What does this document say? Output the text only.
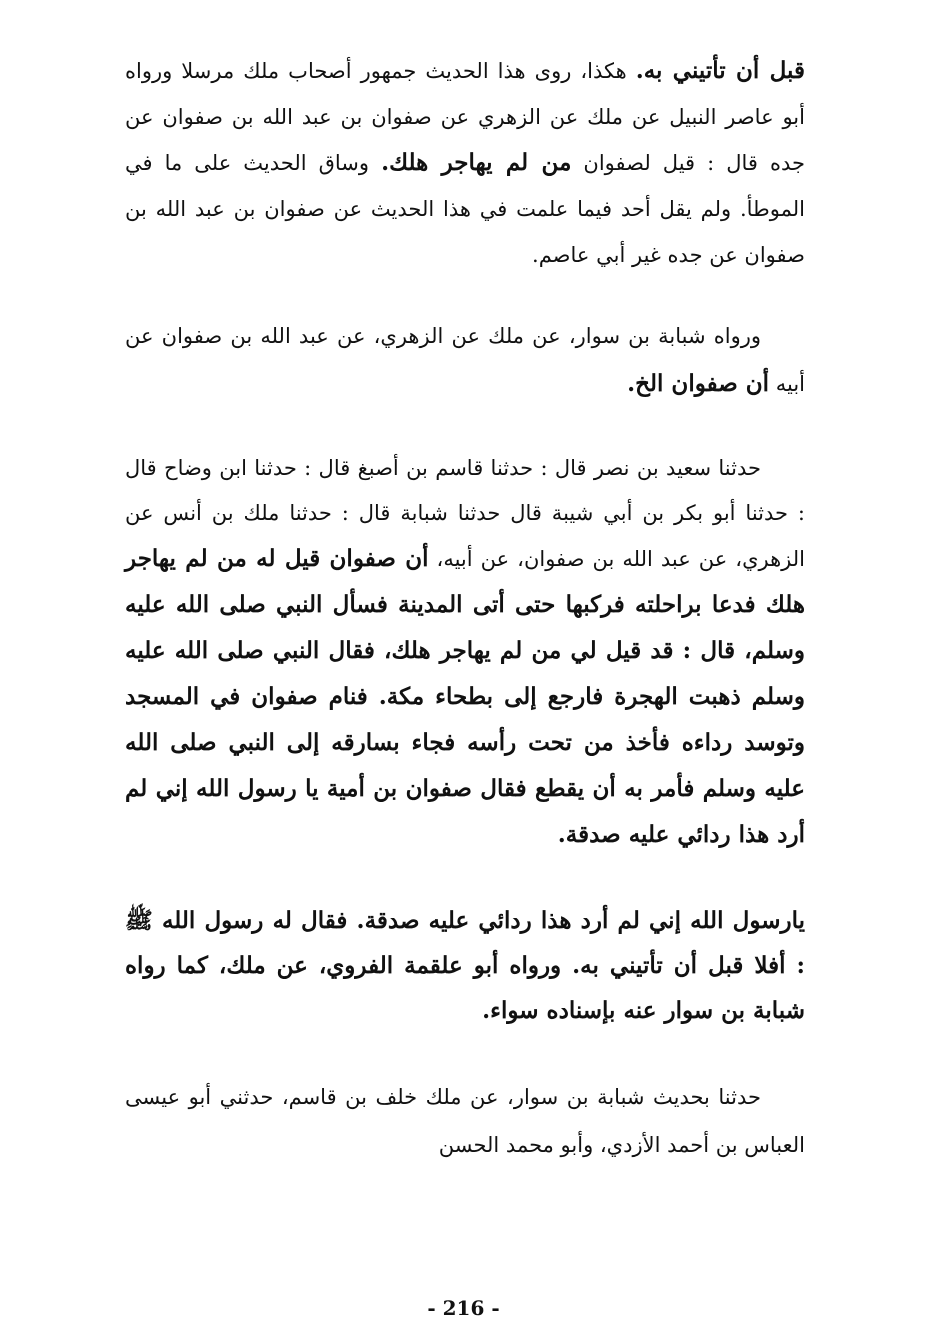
قبل أن تأتيني به. هكذا، روى هذا الحديث جمهور أصحاب ملك مرسلا ورواه أبو عاصر النبيل عن ملك عن الزهري عن صفوان بن عبد الله بن صفوان عن جده قال : قيل لصفوان من لم يهاجر هلك. وساق الحديث على ما في الموطأ. ولم يقل أحد فيما علمت في هذا الحديث عن صفوان بن عبد الله بن صفوان عن جده غير أبي عاصم.

ورواه شبابة بن سوار، عن ملك عن الزهري، عن عبد الله بن صفوان عن أبيه أن صفوان الخ.

حدثنا سعيد بن نصر قال : حدثنا قاسم بن أصبغ قال : حدثنا ابن وضاح قال : حدثنا أبو بكر بن أبي شيبة قال حدثنا شبابة قال : حدثنا ملك بن أنس عن الزهري، عن عبد الله بن صفوان، عن أبيه، أن صفوان قيل له من لم يهاجر هلك فدعا براحلته فركبها حتى أتى المدينة فسأل النبي صلى الله عليه وسلم، قال : قد قيل لي من لم يهاجر هلك، فقال النبي صلى الله عليه وسلم ذهبت الهجرة فارجع إلى بطحاء مكة. فنام صفوان في المسجد وتوسد رداءه فأخذ من تحت رأسه فجاء بسارقه إلى النبي صلى الله عليه وسلم فأمر به أن يقطع فقال صفوان بن أمية يا رسول الله إني لم أرد هذا ردائي عليه صدقة.

يارسول الله إني لم أرد هذا ردائي عليه صدقة. فقال له رسول الله ﷺ : أفلا قبل أن تأتيني به. ورواه أبو علقمة الفروي، عن ملك، كما رواه شبابة بن سوار عنه بإسناده سواء.

حدثنا بحديث شبابة بن سوار، عن ملك خلف بن قاسم، حدثني أبو عيسى العباس بن أحمد الأزدي، وأبو محمد الحسن

- 216 -
